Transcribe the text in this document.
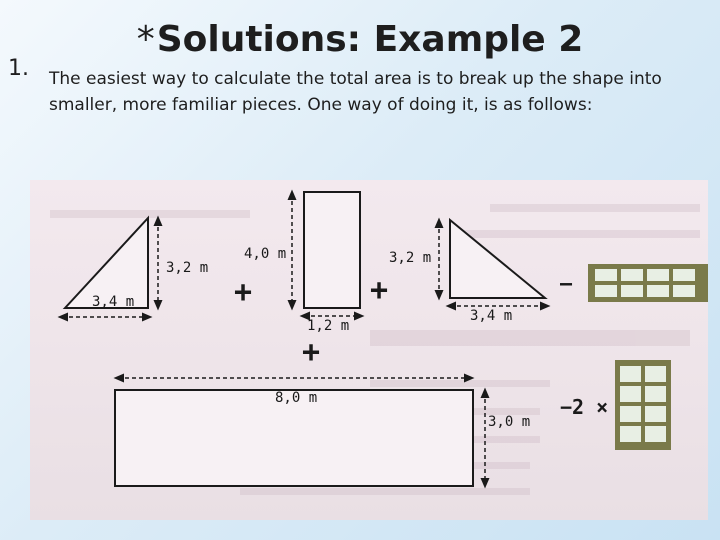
*Solutions: Example 2
1. The easiest way to calculate the total area is to break up the shape into smaller, more familiar pieces. One way of doing it, is as follows:
3,2 m
3,4 m	+
4,0 m
1,2 m
+
3,2 m
3,4 m
–
+
8,0 m
3,0 m
−2 ×
